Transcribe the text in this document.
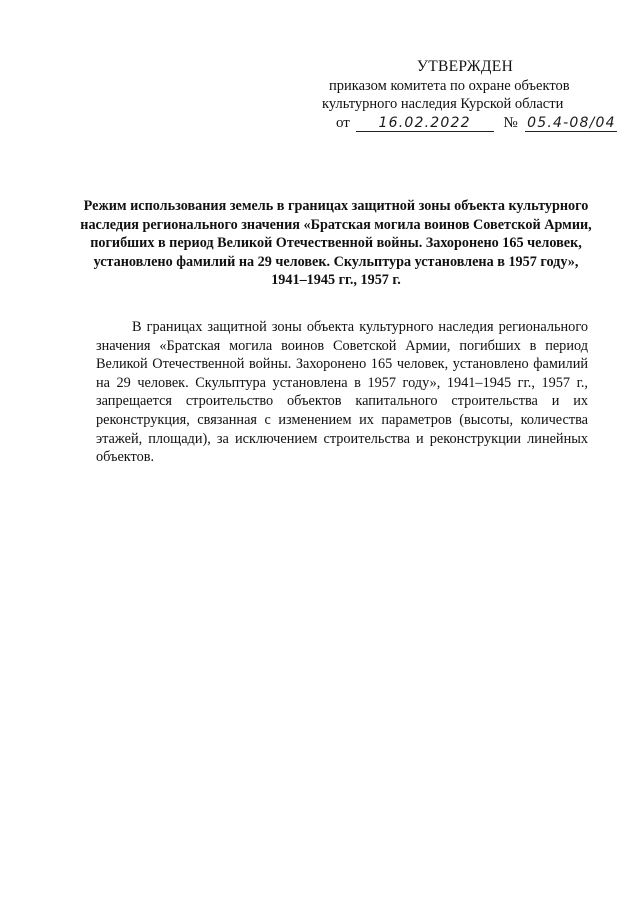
УТВЕРЖДЕН
приказом комитета по охране объектов
культурного наследия Курской области
от 16.02.2022 № 05.4-08/04
Режим использования земель в границах защитной зоны объекта культурного наследия регионального значения «Братская могила воинов Советской Армии, погибших в период Великой Отечественной войны. Захоронено 165 человек, установлено фамилий на 29 человек. Скульптура установлена в 1957 году», 1941–1945 гг., 1957 г.
В границах защитной зоны объекта культурного наследия регионального значения «Братская могила воинов Советской Армии, погибших в период Великой Отечественной войны. Захоронено 165 человек, установлено фамилий на 29 человек. Скульптура установлена в 1957 году», 1941–1945 гг., 1957 г., запрещается строительство объектов капитального строительства и их реконструкция, связанная с изменением их параметров (высоты, количества этажей, площади), за исключением строительства и реконструкции линейных объектов.
